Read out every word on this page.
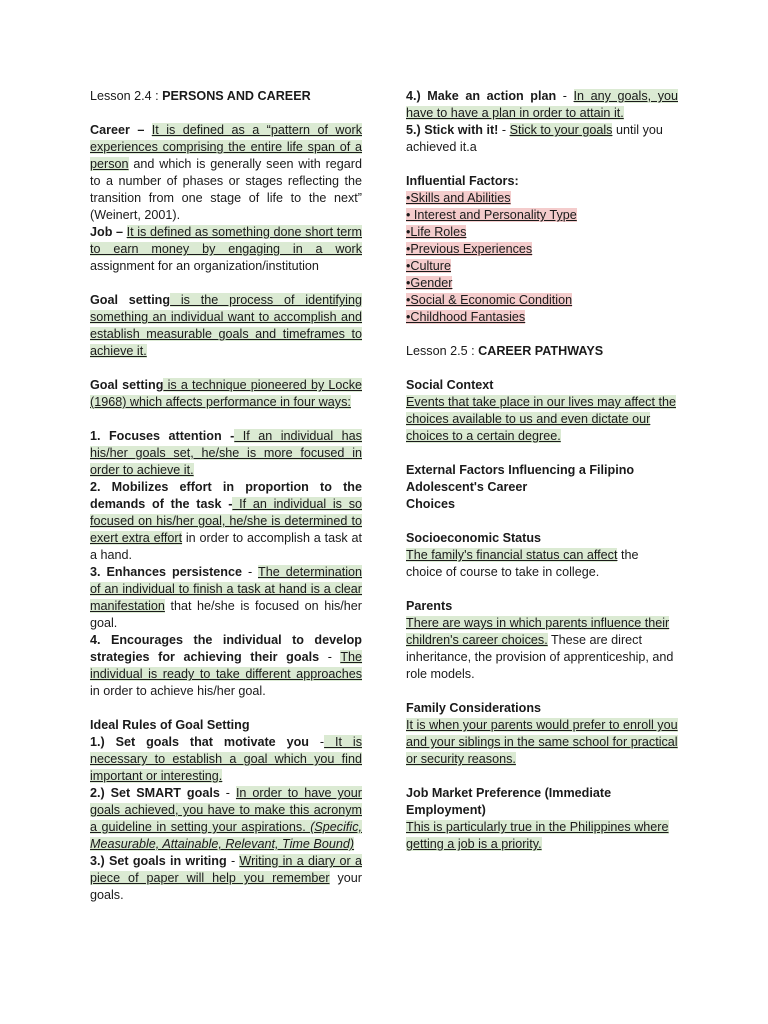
Lesson 2.4 : PERSONS AND CAREER

Career – It is defined as a “pattern of work experiences comprising the entire life span of a person and which is generally seen with regard to a number of phases or stages reflecting the transition from one stage of life to the next” (Weinert, 2001).

Job – It is defined as something done short term to earn money by engaging in a work assignment for an organization/institution

Goal setting is the process of identifying something an individual want to accomplish and establish measurable goals and timeframes to achieve it.

Goal setting is a technique pioneered by Locke (1968) which affects performance in four ways:

1. Focuses attention - If an individual has his/her goals set, he/she is more focused in order to achieve it.

2. Mobilizes effort in proportion to the demands of the task - If an individual is so focused on his/her goal, he/she is determined to exert extra effort in order to accomplish a task at a hand.

3. Enhances persistence - The determination of an individual to finish a task at hand is a clear manifestation that he/she is focused on his/her goal.

4. Encourages the individual to develop strategies for achieving their goals - The individual is ready to take different approaches in order to achieve his/her goal.

Ideal Rules of Goal Setting

1.) Set goals that motivate you - It is necessary to establish a goal which you find important or interesting.

2.) Set SMART goals - In order to have your goals achieved, you have to make this acronym a guideline in setting your aspirations. (Specific, Measurable, Attainable, Relevant, Time Bound)

3.) Set goals in writing - Writing in a diary or a piece of paper will help you remember your goals.

4.) Make an action plan - In any goals, you have to have a plan in order to attain it.

5.) Stick with it! - Stick to your goals until you achieved it.a

Influential Factors:

•Skills and Abilities

• Interest and Personality Type

•Life Roles

•Previous Experiences

•Culture

•Gender

•Social & Economic Condition

•Childhood Fantasies

Lesson 2.5 : CAREER PATHWAYS

Social Context

Events that take place in our lives may affect the choices available to us and even dictate our choices to a certain degree.

External Factors Influencing a Filipino

Adolescent's Career

Choices

Socioeconomic Status

The family's financial status can affect the choice of course to take in college.

Parents

There are ways in which parents influence their children's career choices. These are direct inheritance, the provision of apprenticeship, and role models.

Family Considerations

It is when your parents would prefer to enroll you and your siblings in the same school for practical or security reasons.

Job Market Preference (Immediate Employment)

This is particularly true in the Philippines where getting a job is a priority.
